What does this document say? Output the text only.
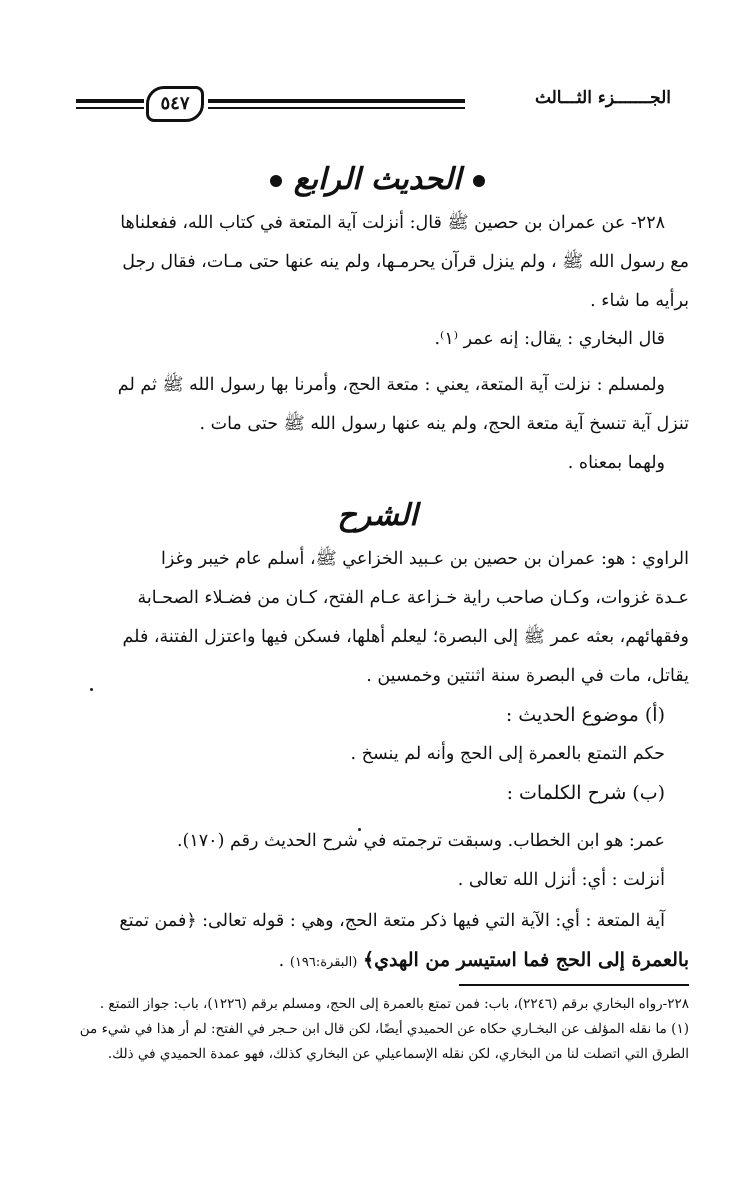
الجـــــــزء الثـــالث
٥٤٧
الحديث الرابع
٢٢٨- عن عمران بن حصين ﷺ قال: أنزلت آية المتعة في كتاب الله، ففعلناها
مع رسول الله ﷺ ، ولم ينزل قرآن يحرمـها، ولم ينه عنها حتى مـات، فقال رجل
برأيه ما شاء .
قال البخاري : يقال: إنه عمر ⁽١⁾.
ولمسلم : نزلت آية المتعة، يعني : متعة الحج، وأمرنا بها رسول الله ﷺ ثم لم
تنزل آية تنسخ آية متعة الحج، ولم ينه عنها رسول الله ﷺ حتى مات .
ولهما بمعناه .
الشرح
الراوي : هو: عمران بن حصين بن عـبيد الخزاعي ﷺ، أسلم عام خيبر وغزا
عـدة غزوات، وكـان صاحب راية خـزاعة عـام الفتح، كـان من فضـلاء الصحـابة
وفقهائهم، بعثه عمر ﷺ إلى البصرة؛ ليعلم أهلها، فسكن فيها واعتزل الفتنة، فلم
يقاتل، مات في البصرة سنة اثنتين وخمسين .
(أ) موضوع الحديث :
حكم التمتع بالعمرة إلى الحج وأنه لم ينسخ .
(ب) شرح الكلمات :
عمر: هو ابن الخطاب. وسبقت ترجمته في شرح الحديث رقم (١٧٠).
أنزلت : أي: أنزل الله تعالى .
آية المتعة : أي: الآية التي فيها ذكر متعة الحج، وهي : قوله تعالى: ﴿فمن تمتع
بالعمرة إلى الحج فما استيسر من الهدي﴾ (البقرة:١٩٦) .
٢٢٨-رواه البخاري برقم (٢٢٤٦)، باب: فمن تمتع بالعمرة إلى الحج، ومسلم برقم (١٢٢٦)، باب: جواز التمتع .
(١) ما نقله المؤلف عن البخـاري حكاه عن الحميدي أيضًا، لكن قال ابن حـجر في الفتح: لم أر هذا في شيء من
الطرق التي اتصلت لنا من البخاري، لكن نقله الإسماعيلي عن البخاري كذلك، فهو عمدة الحميدي في ذلك.
